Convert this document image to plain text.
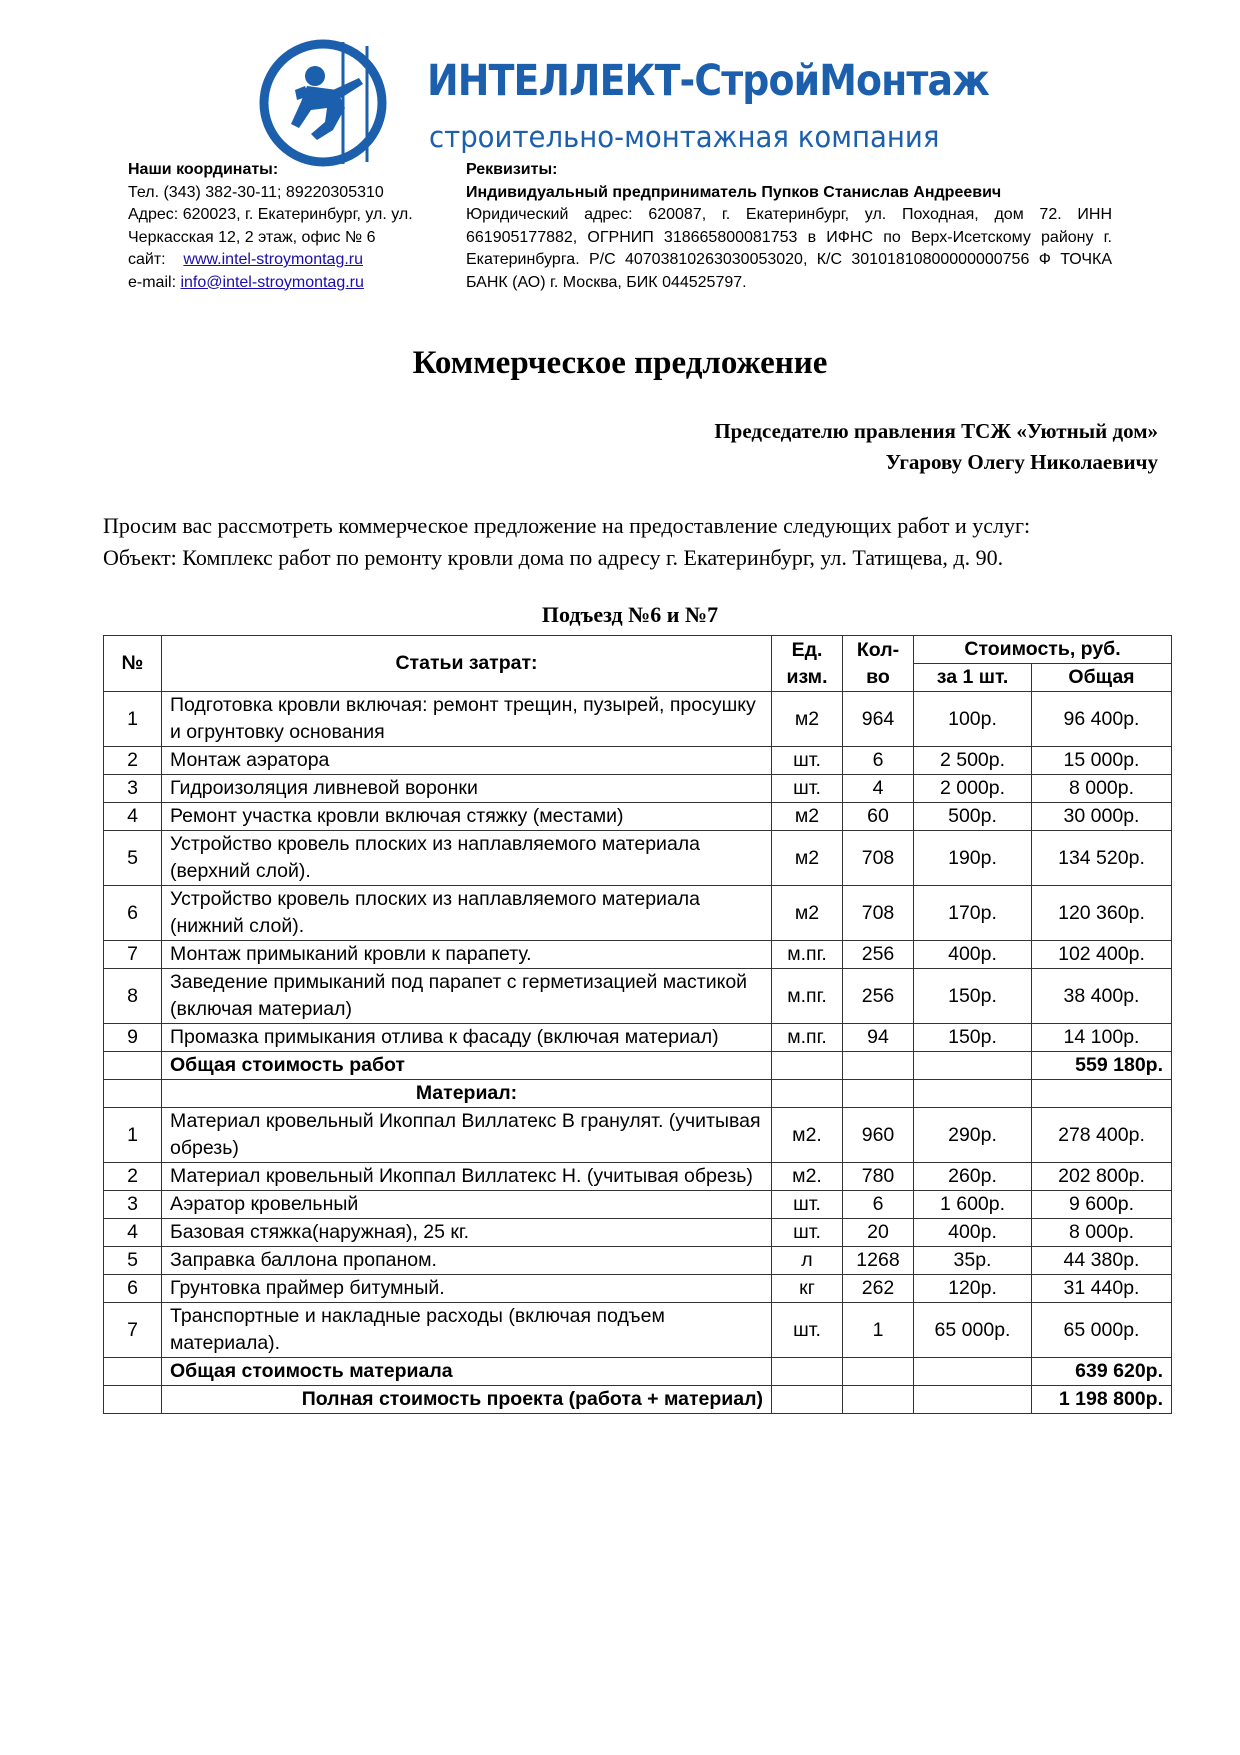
ИНТЕЛЛЕКТ-СтройМонтаж
строительно-монтажная компания
Наши координаты:
Тел. (343) 382-30-11; 89220305310
Адрес: 620023, г. Екатеринбург, ул. ул.
Черкасская 12, 2 этаж, офис № 6
сайт: www.intel-stroymontag.ru
e-mail: info@intel-stroymontag.ru
Реквизиты:
Индивидуальный предприниматель Пупков Станислав Андреевич
Юридический адрес: 620087, г. Екатеринбург, ул. Походная, дом 72. ИНН 661905177882, ОГРНИП 318665800081753 в ИФНС по Верх-Исетскому району г. Екатеринбурга. Р/С 40703810263030053020, К/С 30101810800000000756 Ф ТОЧКА БАНК (АО) г. Москва, БИК 044525797.
Коммерческое предложение
Председателю правления ТСЖ «Уютный дом»
Угарову Олегу Николаевичу
Просим вас рассмотреть коммерческое предложение на предоставление следующих работ и услуг:
Объект: Комплекс работ по ремонту кровли дома по адресу г. Екатеринбург, ул. Татищева, д. 90.
Подъезд №6 и №7
№	Статьи затрат:	Ед. изм.	Кол-во	Стоимость, руб.	
				за 1 шт.	Общая
1	Подготовка кровли включая: ремонт трещин, пузырей, просушку и огрунтовку основания	м2	964	100р.	96 400р.
2	Монтаж аэратора	шт.	6	2 500р.	15 000р.
3	Гидроизоляция ливневой воронки	шт.	4	2 000р.	8 000р.
4	Ремонт участка кровли включая стяжку (местами)	м2	60	500р.	30 000р.
5	Устройство кровель плоских из наплавляемого материала (верхний слой).	м2	708	190р.	134 520р.
6	Устройство кровель плоских из наплавляемого материала (нижний слой).	м2	708	170р.	120 360р.
7	Монтаж примыканий кровли к парапету.	м.пг.	256	400р.	102 400р.
8	Заведение примыканий под парапет с герметизацией мастикой (включая материал)	м.пг.	256	150р.	38 400р.
9	Промазка примыкания отлива к фасаду (включая материал)	м.пг.	94	150р.	14 100р.
	Общая стоимость работ				559 180р.
	Материал:				
1	Материал кровельный Икоппал Виллатекс В гранулят. (учитывая обрезь)	м2.	960	290р.	278 400р.
2	Материал кровельный Икоппал Виллатекс Н. (учитывая обрезь)	м2.	780	260р.	202 800р.
3	Аэратор кровельный	шт.	6	1 600р.	9 600р.
4	Базовая стяжка(наружная), 25 кг.	шт.	20	400р.	8 000р.
5	Заправка баллона пропаном.	л	1268	35р.	44 380р.
6	Грунтовка праймер битумный.	кг	262	120р.	31 440р.
7	Транспортные и накладные расходы (включая подъем материала).	шт.	1	65 000р.	65 000р.
	Общая стоимость материала				639 620р.
	Полная стоимость проекта (работа + материал)				1 198 800р.
